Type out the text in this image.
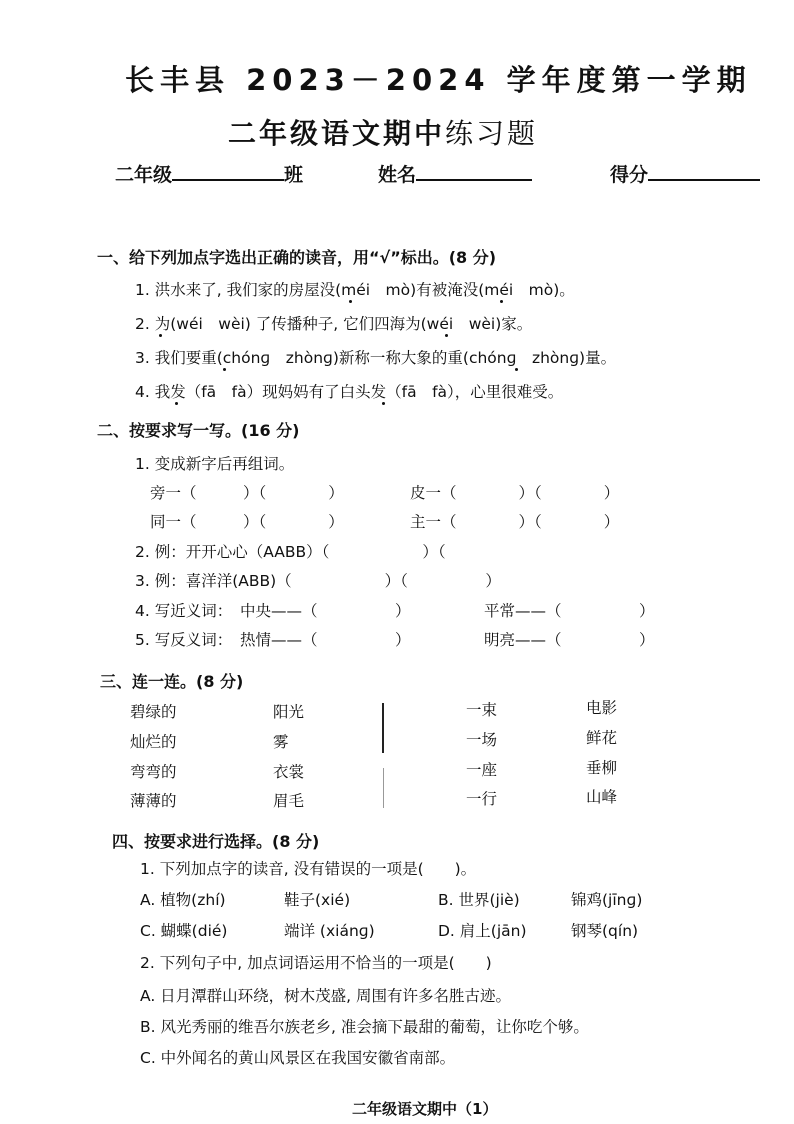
长丰县 2023－2024 学年度第一学期
二年级语文期中练习题
二年级	班	姓名	得分
一、给下列加点字选出正确的读音，用“√”标出。(8 分)
1. 洪水来了, 我们家的房屋没(méi　mò)有被淹没(méi　mò)。
2. 为(wéi　wèi) 了传播种子, 它们四海为(wéi　wèi)家。
3. 我们要重(chónɡ　zhònɡ)新称一称大象的重(chónɡ　zhònɡ)量。
4. 我发（fā　fà）现妈妈有了白头发（fā　fà），心里很难受。
二、按要求写一写。(16 分)
1. 变成新字后再组词。
旁一（　　　）（　　　　）	皮一（　　　　）（　　　　）
同一（　　　）（　　　　）	主一（　　　　）（　　　　）
2. 例：开开心心（AABB）（　　　　　　）（
3. 例：喜洋洋(ABB)（　　　　　　）（　　　　　）
4. 写近义词：　中央——（　　　　　）	平常——（　　　　　）
5. 写反义词：　热情——（　　　　　）	明亮——（　　　　　）
三、连一连。(8 分)
碧绿的
灿烂的
弯弯的
薄薄的
阳光
雾
衣裳
眉毛
一束
一场
一座
一行
电影
鲜花
垂柳
山峰
四、按要求进行选择。(8 分)
1. 下列加点字的读音, 没有错误的一项是(　　)。
A. 植物(zhí)	鞋子(xié)	B. 世界(jiè)	锦鸡(jīnɡ)
C. 蝴蝶(dié)	端详 (xiánɡ)	D. 肩上(jān)	钢琴(qín)
2. 下列句子中, 加点词语运用不恰当的一项是(　　)
A. 日月潭群山环绕，树木茂盛, 周围有许多名胜古迹。
B. 风光秀丽的维吾尔族老乡, 准会摘下最甜的葡萄，让你吃个够。
C. 中外闻名的黄山风景区在我国安徽省南部。
二年级语文期中（1）
